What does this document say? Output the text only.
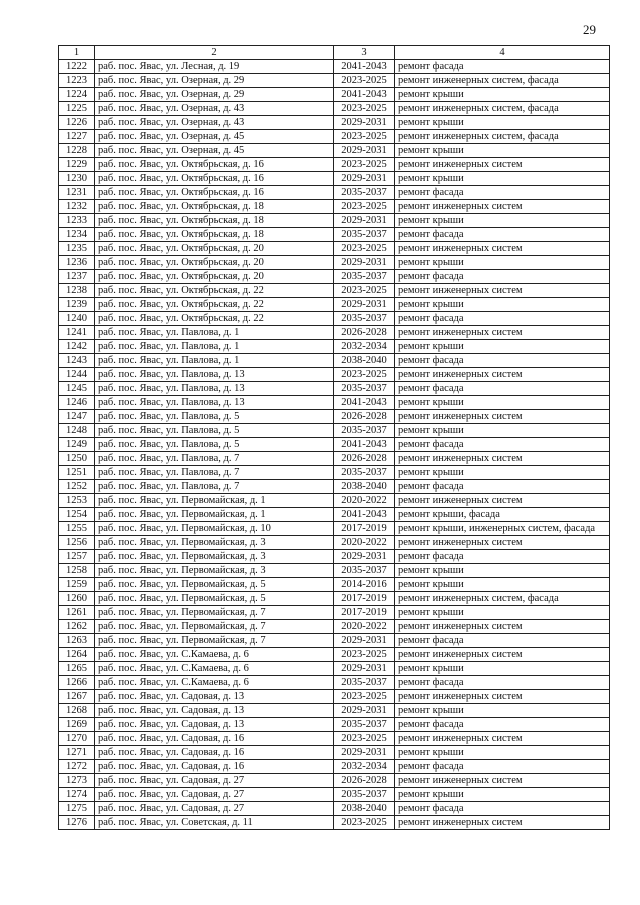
29
1	2	3	4
1222	раб. пос. Явас, ул. Лесная, д. 19	2041-2043	ремонт фасада
1223	раб. пос. Явас, ул. Озерная, д. 29	2023-2025	ремонт инженерных систем, фасада
1224	раб. пос. Явас, ул. Озерная, д. 29	2041-2043	ремонт крыши
1225	раб. пос. Явас, ул. Озерная, д. 43	2023-2025	ремонт инженерных систем, фасада
1226	раб. пос. Явас, ул. Озерная, д. 43	2029-2031	ремонт крыши
1227	раб. пос. Явас, ул. Озерная, д. 45	2023-2025	ремонт инженерных систем, фасада
1228	раб. пос. Явас, ул. Озерная, д. 45	2029-2031	ремонт крыши
1229	раб. пос. Явас, ул. Октябрьская, д. 16	2023-2025	ремонт инженерных систем
1230	раб. пос. Явас, ул. Октябрьская, д. 16	2029-2031	ремонт крыши
1231	раб. пос. Явас, ул. Октябрьская, д. 16	2035-2037	ремонт фасада
1232	раб. пос. Явас, ул. Октябрьская, д. 18	2023-2025	ремонт инженерных систем
1233	раб. пос. Явас, ул. Октябрьская, д. 18	2029-2031	ремонт крыши
1234	раб. пос. Явас, ул. Октябрьская, д. 18	2035-2037	ремонт фасада
1235	раб. пос. Явас, ул. Октябрьская, д. 20	2023-2025	ремонт инженерных систем
1236	раб. пос. Явас, ул. Октябрьская, д. 20	2029-2031	ремонт крыши
1237	раб. пос. Явас, ул. Октябрьская, д. 20	2035-2037	ремонт фасада
1238	раб. пос. Явас, ул. Октябрьская, д. 22	2023-2025	ремонт инженерных систем
1239	раб. пос. Явас, ул. Октябрьская, д. 22	2029-2031	ремонт крыши
1240	раб. пос. Явас, ул. Октябрьская, д. 22	2035-2037	ремонт фасада
1241	раб. пос. Явас, ул. Павлова, д. 1	2026-2028	ремонт инженерных систем
1242	раб. пос. Явас, ул. Павлова, д. 1	2032-2034	ремонт крыши
1243	раб. пос. Явас, ул. Павлова, д. 1	2038-2040	ремонт фасада
1244	раб. пос. Явас, ул. Павлова, д. 13	2023-2025	ремонт инженерных систем
1245	раб. пос. Явас, ул. Павлова, д. 13	2035-2037	ремонт фасада
1246	раб. пос. Явас, ул. Павлова, д. 13	2041-2043	ремонт крыши
1247	раб. пос. Явас, ул. Павлова, д. 5	2026-2028	ремонт инженерных систем
1248	раб. пос. Явас, ул. Павлова, д. 5	2035-2037	ремонт крыши
1249	раб. пос. Явас, ул. Павлова, д. 5	2041-2043	ремонт фасада
1250	раб. пос. Явас, ул. Павлова, д. 7	2026-2028	ремонт инженерных систем
1251	раб. пос. Явас, ул. Павлова, д. 7	2035-2037	ремонт крыши
1252	раб. пос. Явас, ул. Павлова, д. 7	2038-2040	ремонт фасада
1253	раб. пос. Явас, ул. Первомайская, д. 1	2020-2022	ремонт инженерных систем
1254	раб. пос. Явас, ул. Первомайская, д. 1	2041-2043	ремонт крыши, фасада
1255	раб. пос. Явас, ул. Первомайская, д. 10	2017-2019	ремонт крыши, инженерных систем, фасада
1256	раб. пос. Явас, ул. Первомайская, д. 3	2020-2022	ремонт инженерных систем
1257	раб. пос. Явас, ул. Первомайская, д. 3	2029-2031	ремонт фасада
1258	раб. пос. Явас, ул. Первомайская, д. 3	2035-2037	ремонт крыши
1259	раб. пос. Явас, ул. Первомайская, д. 5	2014-2016	ремонт крыши
1260	раб. пос. Явас, ул. Первомайская, д. 5	2017-2019	ремонт инженерных систем, фасада
1261	раб. пос. Явас, ул. Первомайская, д. 7	2017-2019	ремонт крыши
1262	раб. пос. Явас, ул. Первомайская, д. 7	2020-2022	ремонт инженерных систем
1263	раб. пос. Явас, ул. Первомайская, д. 7	2029-2031	ремонт фасада
1264	раб. пос. Явас, ул. С.Камаева, д. 6	2023-2025	ремонт инженерных систем
1265	раб. пос. Явас, ул. С.Камаева, д. 6	2029-2031	ремонт крыши
1266	раб. пос. Явас, ул. С.Камаева, д. 6	2035-2037	ремонт фасада
1267	раб. пос. Явас, ул. Садовая, д. 13	2023-2025	ремонт инженерных систем
1268	раб. пос. Явас, ул. Садовая, д. 13	2029-2031	ремонт крыши
1269	раб. пос. Явас, ул. Садовая, д. 13	2035-2037	ремонт фасада
1270	раб. пос. Явас, ул. Садовая, д. 16	2023-2025	ремонт инженерных систем
1271	раб. пос. Явас, ул. Садовая, д. 16	2029-2031	ремонт крыши
1272	раб. пос. Явас, ул. Садовая, д. 16	2032-2034	ремонт фасада
1273	раб. пос. Явас, ул. Садовая, д. 27	2026-2028	ремонт инженерных систем
1274	раб. пос. Явас, ул. Садовая, д. 27	2035-2037	ремонт крыши
1275	раб. пос. Явас, ул. Садовая, д. 27	2038-2040	ремонт фасада
1276	раб. пос. Явас, ул. Советская, д. 11	2023-2025	ремонт инженерных систем
